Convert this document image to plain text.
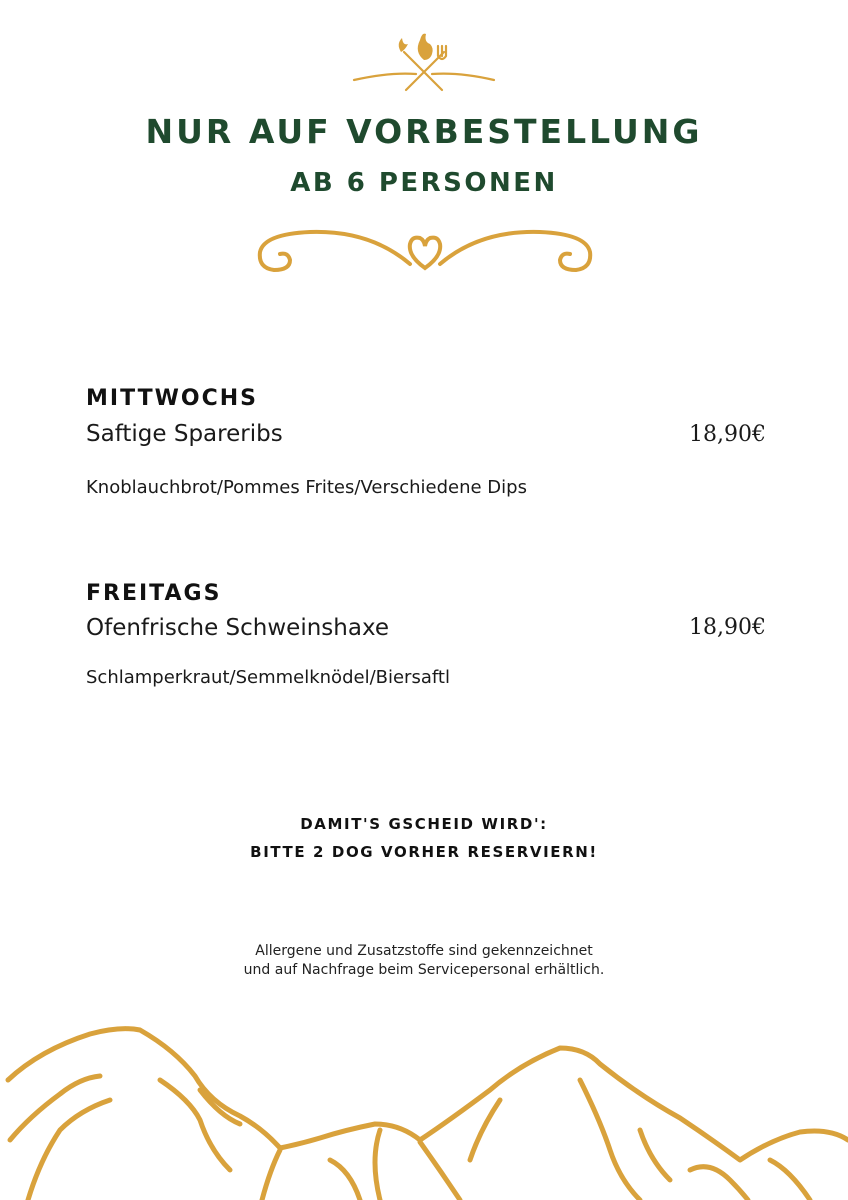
NUR AUF VORBESTELLUNG
AB 6 PERSONEN
MITTWOCHS
Saftige Spareribs	18,90€
Knoblauchbrot/Pommes Frites/Verschiedene Dips
FREITAGS
Ofenfrische Schweinshaxe	18,90€
Schlamperkraut/Semmelknödel/Biersaftl
DAMIT'S GSCHEID WIRD':
BITTE 2 DOG VORHER RESERVIERN!
Allergene und Zusatzstoffe sind gekennzeichnet
und auf Nachfrage beim Servicepersonal erhältlich.
